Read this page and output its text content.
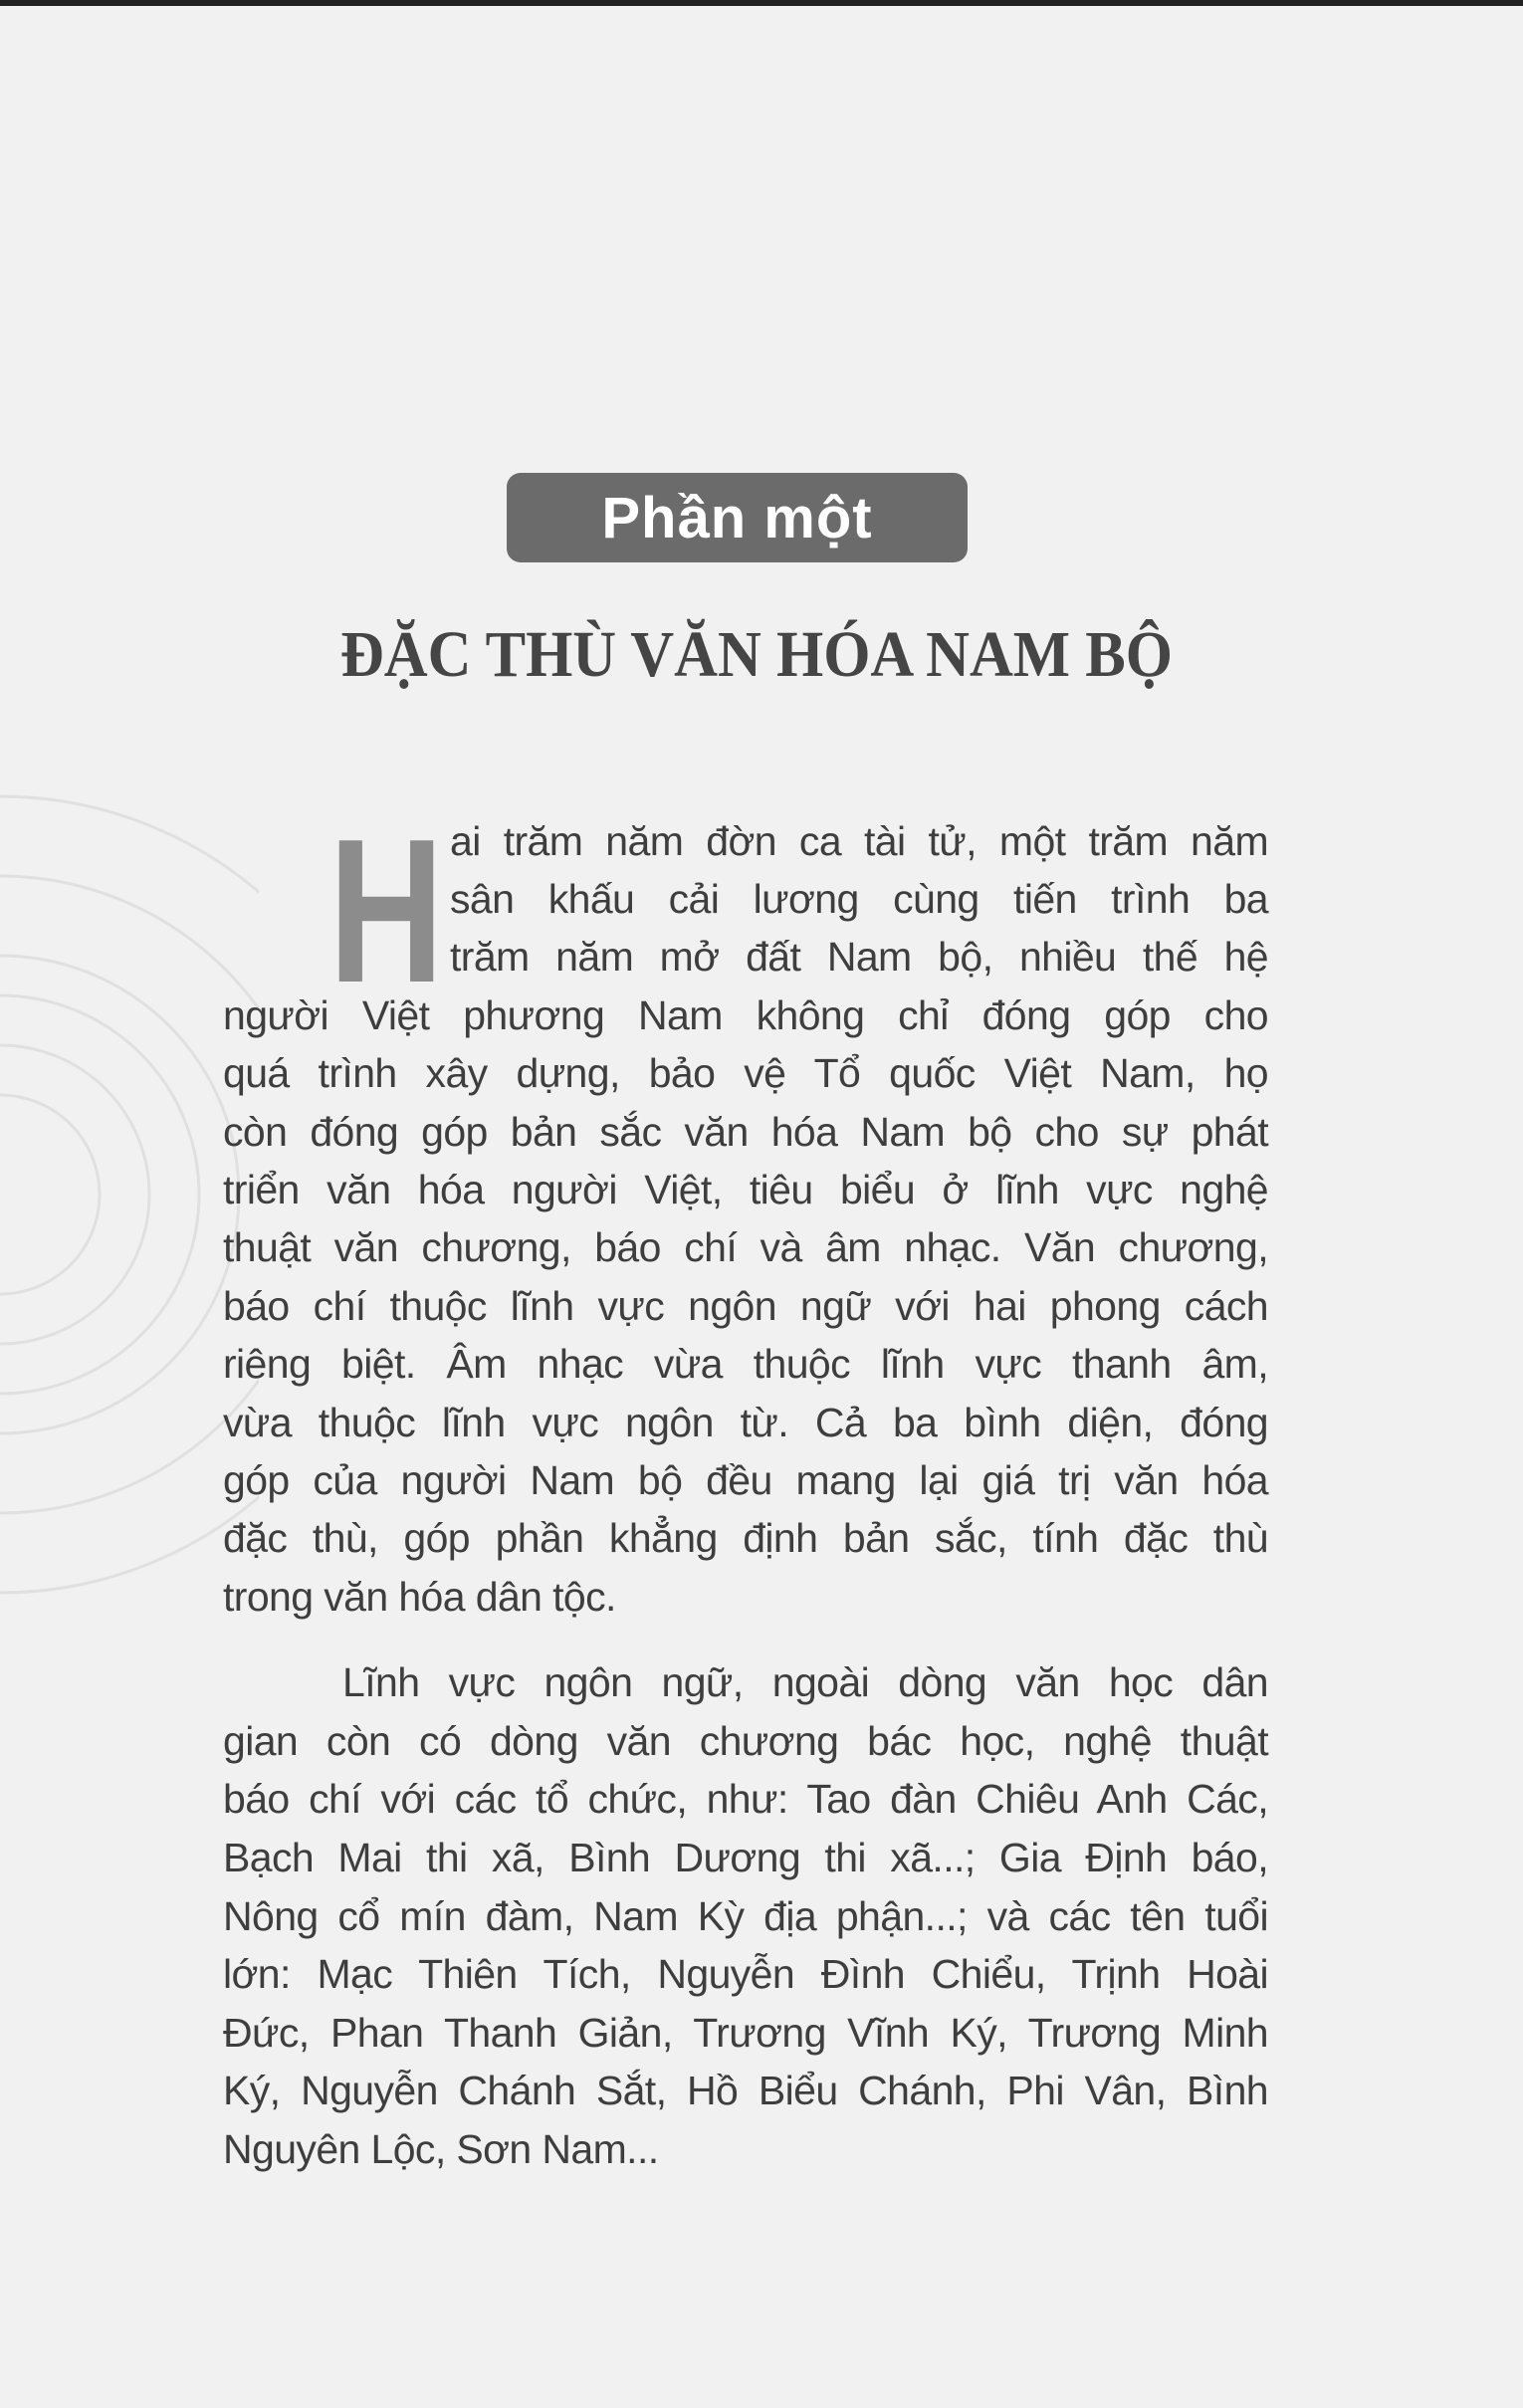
Phần một
ĐẶC THÙ VĂN HÓA NAM BỘ
H ai trăm năm đờn ca tài tử, một trăm năm
sân khấu cải lương cùng tiến trình ba
trăm năm mở đất Nam bộ, nhiều thế hệ
người Việt phương Nam không chỉ đóng góp cho
quá trình xây dựng, bảo vệ Tổ quốc Việt Nam, họ
còn đóng góp bản sắc văn hóa Nam bộ cho sự phát
triển văn hóa người Việt, tiêu biểu ở lĩnh vực nghệ
thuật văn chương, báo chí và âm nhạc. Văn chương,
báo chí thuộc lĩnh vực ngôn ngữ với hai phong cách
riêng biệt. Âm nhạc vừa thuộc lĩnh vực thanh âm,
vừa thuộc lĩnh vực ngôn từ. Cả ba bình diện, đóng
góp của người Nam bộ đều mang lại giá trị văn hóa
đặc thù, góp phần khẳng định bản sắc, tính đặc thù
trong văn hóa dân tộc.
Lĩnh vực ngôn ngữ, ngoài dòng văn học dân
gian còn có dòng văn chương bác học, nghệ thuật
báo chí với các tổ chức, như: Tao đàn Chiêu Anh Các,
Bạch Mai thi xã, Bình Dương thi xã...; Gia Định báo,
Nông cổ mín đàm, Nam Kỳ địa phận...; và các tên tuổi
lớn: Mạc Thiên Tích, Nguyễn Đình Chiểu, Trịnh Hoài
Đức, Phan Thanh Giản, Trương Vĩnh Ký, Trương Minh
Ký, Nguyễn Chánh Sắt, Hồ Biểu Chánh, Phi Vân, Bình
Nguyên Lộc, Sơn Nam...
